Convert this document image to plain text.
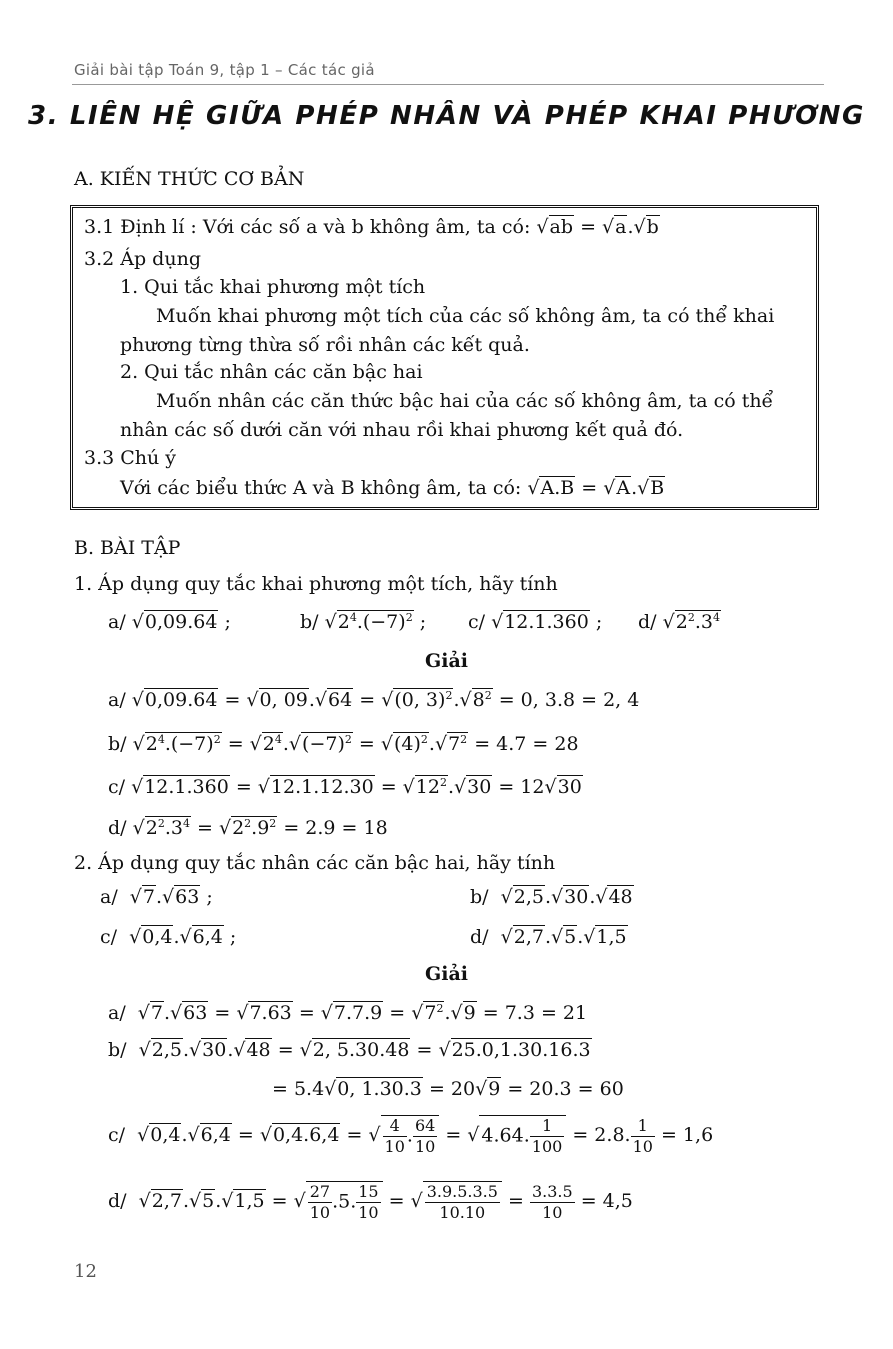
Giải bài tập Toán 9, tập 1 – Các tác giả
3. LIÊN HỆ GIỮA PHÉP NHÂN VÀ PHÉP KHAI PHƯƠNG
A. KIẾN THỨC CƠ BẢN
3.1 Định lí : Với các số a và b không âm, ta có: √ab = √a.√b
3.2 Áp dụng
1. Qui tắc khai phương một tích
Muốn khai phương một tích của các số không âm, ta có thể khai
phương từng thừa số rồi nhân các kết quả.
2. Qui tắc nhân các căn bậc hai
Muốn nhân các căn thức bậc hai của các số không âm, ta có thể
nhân các số dưới căn với nhau rồi khai phương kết quả đó.
3.3 Chú ý
Với các biểu thức A và B không âm, ta có: √A.B = √A.√B
B. BÀI TẬP
1. Áp dụng quy tắc khai phương một tích, hãy tính
a/ √0,09.64 ;	b/ $√2^4.(-7)^2$ ; c/ √12.1.360 ; d/ $√2^2.3^4$
Giải
a/ √0,09.64 = √0, 09.√64 = √(0, $3)^2.√8^2 = 0$, 3.8 = 2, 4
b/ $√2^4.(-7)^2 = √2^4.√(-7)^2 = √(4)^2.√7^2 = 4.7 = 28$
c/ $√12.1.360 = √12.1.12.30 = √12^2.√30 = 12√30$
d/ $√2^2.3^4 = √2^2.9^2 = 2.9 = 18$
2. Áp dụng quy tắc nhân các căn bậc hai, hãy tính
a/  √7.√63 ;	b/  √2,5.√30.√48
c/  √0,4.√6,4 ;	d/  √2,7.√5.√1,5
Giải
a/  $√7.√63 = √7.63 = √7.7.9 = √7^2.√9 = 7.3 = 21$
b/  √2,5.√30.√48 = √2, 5.30.48 = √25.0,1.30.16.3
= 5.4√0, 1.30.3 = 20√9 = 20.3 = 60
c/  √0,4.√6,4 = √0,4.6,4 = √ $\frac{4}{10}$ . $\frac{64}{10}$ = √ 4.64. $\frac{1}{100} = 2.8$. $\frac{1}{10} = 1,6$
d/  √2,7.√5.√1,5 = √ $\frac{27}{10} .5$. $\frac{15}{10}$ = √ $\frac{3.9.5.3.5}{10.10} = \frac{3.3.5}{10} = 4,5$
12
